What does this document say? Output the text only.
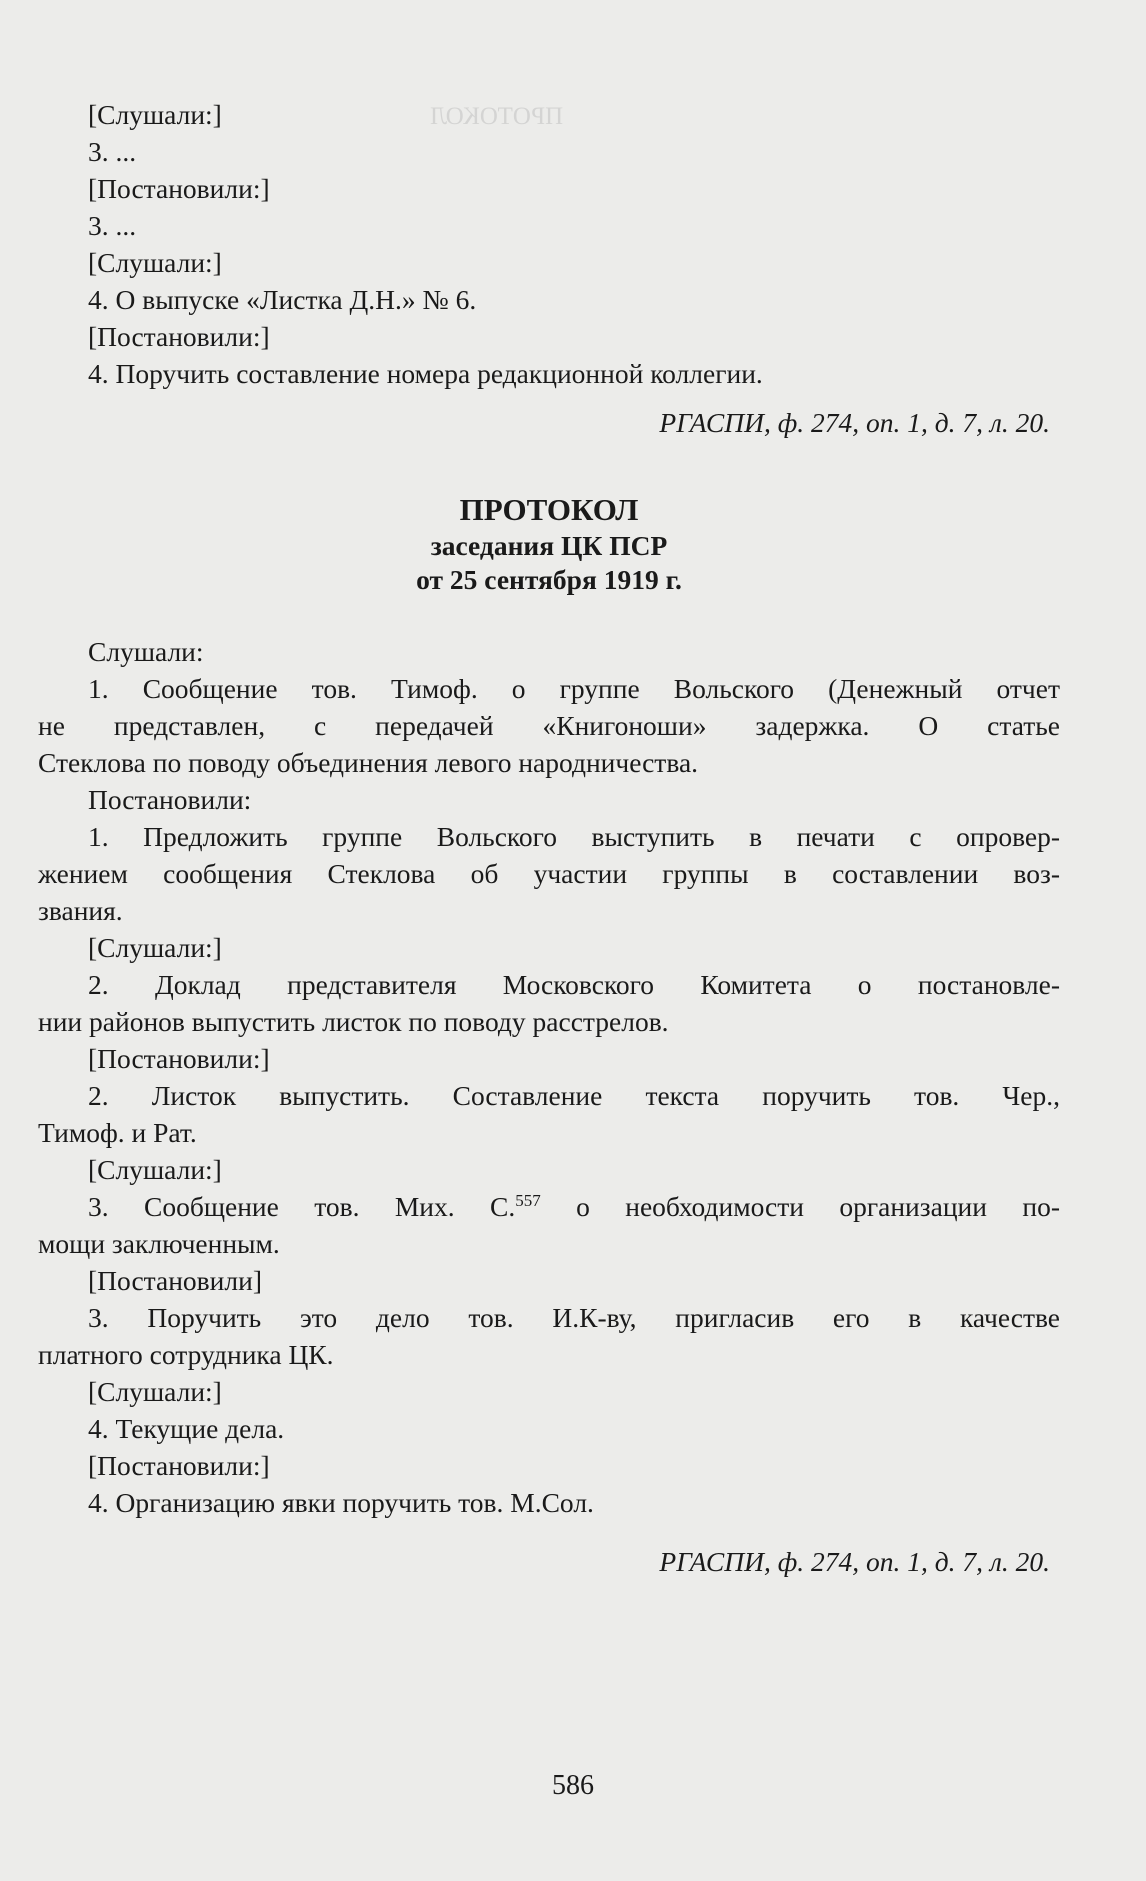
ПРОТОКОЛ
[Слушали:]
3. ...
[Постановили:]
3. ...
[Слушали:]
4. О выпуске «Листка Д.Н.» № 6.
[Постановили:]
4. Поручить составление номера редакционной коллегии.
РГАСПИ, ф. 274, оп. 1, д. 7, л. 20.
ПРОТОКОЛ
заседания ЦК ПСР
от 25 сентября 1919 г.
Слушали:
1. Сообщение тов. Тимоф. о группе Вольского (Денежный отчет
не представлен, с передачей «Книгоноши» задержка. О статье
Стеклова по поводу объединения левого народничества.
Постановили:
1. Предложить группе Вольского выступить в печати с опровер-
жением сообщения Стеклова об участии группы в составлении воз-
звания.
[Слушали:]
2. Доклад представителя Московского Комитета о постановле-
нии районов выпустить листок по поводу расстрелов.
[Постановили:]
2. Листок выпустить. Составление текста поручить тов. Чер.,
Тимоф. и Рат.
[Слушали:]
3. Сообщение тов. Мих. С.$^{557}$ о необходимости организации по-
мощи заключенным.
[Постановили]
3. Поручить это дело тов. И.К-ву, пригласив его в качестве
платного сотрудника ЦК.
[Слушали:]
4. Текущие дела.
[Постановили:]
4. Организацию явки поручить тов. М.Сол.
РГАСПИ, ф. 274, оп. 1, д. 7, л. 20.
586
